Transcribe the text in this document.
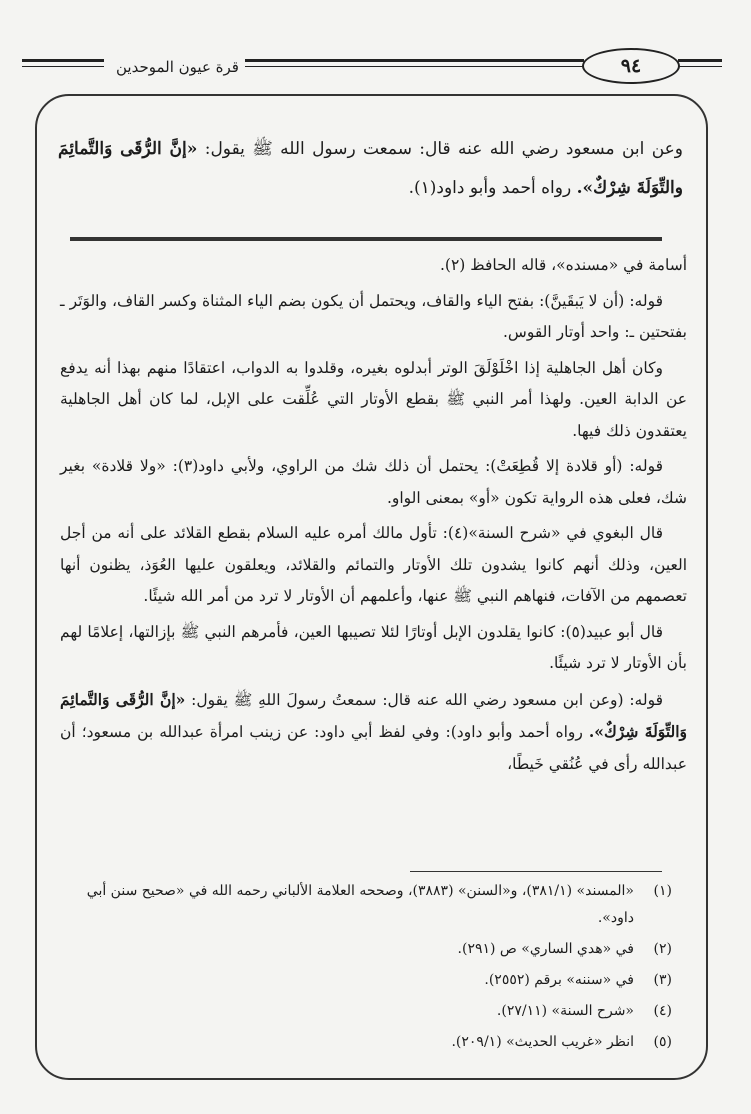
قرة عيون الموحدين	٩٤
وعن ابن مسعود رضي الله عنه قال: سمعت رسول الله ﷺ يقول: «إنَّ الرُّقَى وَالتَّمائِمَ والتِّوَلَةَ شِرْكٌ». رواه أحمد وأبو داود(١).

أسامة في «مسنده»، قاله الحافظ (٢).

قوله: (أن لا يَبقَينَّ): بفتح الياء والقاف، ويحتمل أن يكون بضم الياء المثناة وكسر القاف، والوَتَر ـ بفتحتين ـ: واحد أوتار القوس.

وكان أهل الجاهلية إذا اخْلَوْلَقَ الوتر أبدلوه بغيره، وقلدوا به الدواب، اعتقادًا منهم بهذا أنه يدفع عن الدابة العين. ولهذا أمر النبي ﷺ بقطع الأوتار التي عُلِّقت على الإبل، لما كان أهل الجاهلية يعتقدون ذلك فيها.

قوله: (أو قلادة إلا قُطِعَتْ): يحتمل أن ذلك شك من الراوي، ولأبي داود(٣): «ولا قلادة» بغير شك، فعلى هذه الرواية تكون «أو» بمعنى الواو.

قال البغوي في «شرح السنة»(٤): تأول مالك أمره عليه السلام بقطع القلائد على أنه من أجل العين، وذلك أنهم كانوا يشدون تلك الأوتار والتمائم والقلائد، ويعلقون عليها العُوَذ، يظنون أنها تعصمهم من الآفات، فنهاهم النبي ﷺ عنها، وأعلمهم أن الأوتار لا ترد من أمر الله شيئًا.

قال أبو عبيد(٥): كانوا يقلدون الإبل أوتارًا لئلا تصيبها العين، فأمرهم النبي ﷺ بإزالتها، إعلامًا لهم بأن الأوتار لا ترد شيئًا.

قوله: (وعن ابن مسعود رضي الله عنه قال: سمعتُ رسولَ اللهِ ﷺ يقول: «إنَّ الرُّقَى وَالتَّمائِمَ وَالتِّوَلَةَ شِرْكٌ». رواه أحمد وأبو داود): وفي لفظ أبي داود: عن زينب امرأة عبدالله بن مسعود؛ أن عبدالله رأى في عُنُقي خَيطًا،

(١)
«المسند» (٣٨١/١)، و«السنن» (٣٨٨٣)، وصححه العلامة الألباني رحمه الله في «صحيح سنن أبي داود».
(٢)
في «هدي الساري» ص (٢٩١).
(٣)
في «سننه» برقم (٢٥٥٢).
(٤)
«شرح السنة» (٢٧/١١).
(٥)
انظر «غريب الحديث» (٢٠٩/١).
